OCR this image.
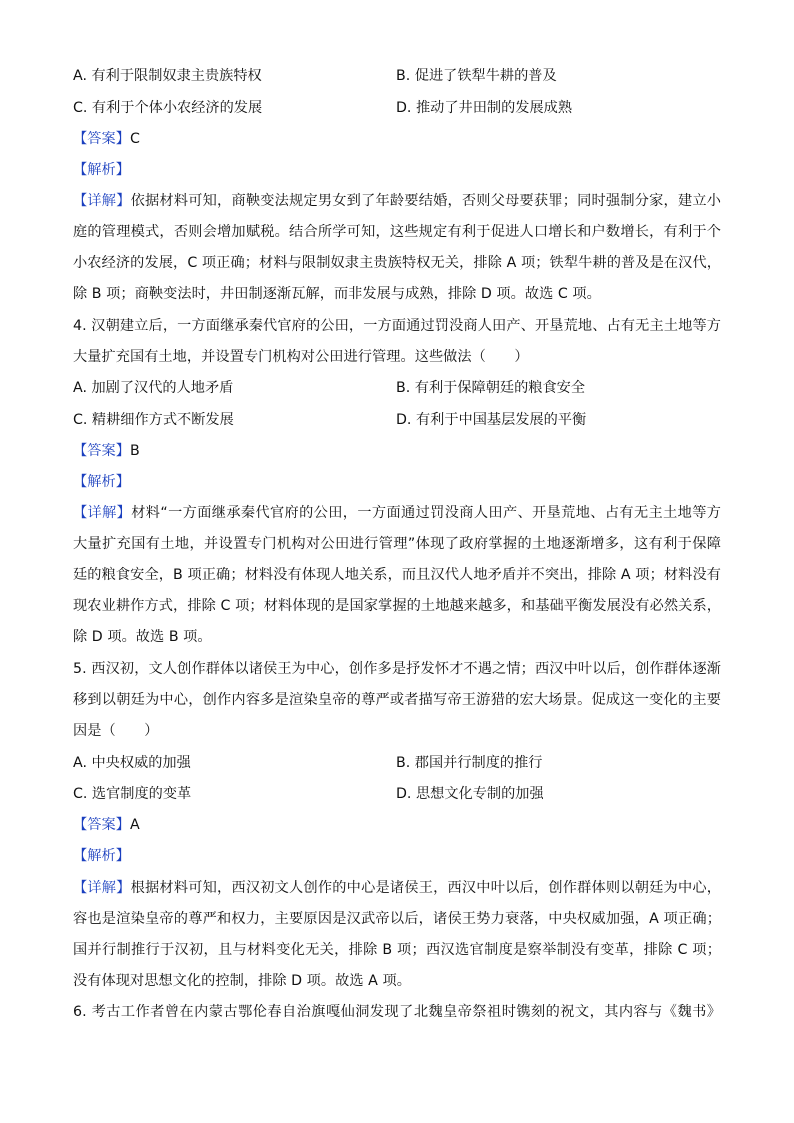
A. 有利于限制奴隶主贵族特权	B. 促进了铁犁牛耕的普及
C. 有利于个体小农经济的发展	D. 推动了井田制的发展成熟
【答案】C
【解析】
【详解】依据材料可知，商鞅变法规定男女到了年龄要结婚，否则父母要获罪；同时强制分家，建立小
庭的管理模式，否则会增加赋税。结合所学可知，这些规定有利于促进人口增长和户数增长，有利于个
小农经济的发展，C 项正确；材料与限制奴隶主贵族特权无关，排除 A 项；铁犁牛耕的普及是在汉代，
除 B 项；商鞅变法时，井田制逐渐瓦解，而非发展与成熟，排除 D 项。故选 C 项。
4. 汉朝建立后，一方面继承秦代官府的公田，一方面通过罚没商人田产、开垦荒地、占有无主土地等方
大量扩充国有土地，并设置专门机构对公田进行管理。这些做法（　　）
A. 加剧了汉代的人地矛盾	B. 有利于保障朝廷的粮食安全
C. 精耕细作方式不断发展	D. 有利于中国基层发展的平衡
【答案】B
【解析】
【详解】材料“一方面继承秦代官府的公田，一方面通过罚没商人田产、开垦荒地、占有无主土地等方
大量扩充国有土地，并设置专门机构对公田进行管理”体现了政府掌握的土地逐渐增多，这有利于保障
廷的粮食安全，B 项正确；材料没有体现人地关系，而且汉代人地矛盾并不突出，排除 A 项；材料没有
现农业耕作方式，排除 C 项；材料体现的是国家掌握的土地越来越多，和基础平衡发展没有必然关系，
除 D 项。故选 B 项。
5. 西汉初，文人创作群体以诸侯王为中心，创作多是抒发怀才不遇之情；西汉中叶以后，创作群体逐渐
移到以朝廷为中心，创作内容多是渲染皇帝的尊严或者描写帝王游猎的宏大场景。促成这一变化的主要
因是（　　）
A. 中央权威的加强	B. 郡国并行制度的推行
C. 选官制度的变革	D. 思想文化专制的加强
【答案】A
【解析】
【详解】根据材料可知，西汉初文人创作的中心是诸侯王，西汉中叶以后，创作群体则以朝廷为中心，
容也是渲染皇帝的尊严和权力，主要原因是汉武帝以后，诸侯王势力衰落，中央权威加强，A 项正确；
国并行制推行于汉初，且与材料变化无关，排除 B 项；西汉选官制度是察举制没有变革，排除 C 项；
没有体现对思想文化的控制，排除 D 项。故选 A 项。
6. 考古工作者曾在内蒙古鄂伦春自治旗嘎仙洞发现了北魏皇帝祭祖时镌刻的祝文，其内容与《魏书》
